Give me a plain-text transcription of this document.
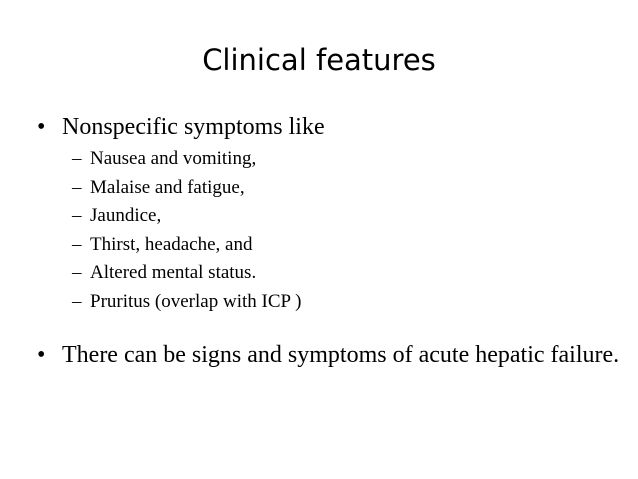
Clinical features
• Nonspecific symptoms like
– Nausea and vomiting,
– Malaise and fatigue,
– Jaundice,
– Thirst, headache, and
– Altered mental status.
– Pruritus (overlap with ICP )
• There can be signs and symptoms of acute hepatic failure.
